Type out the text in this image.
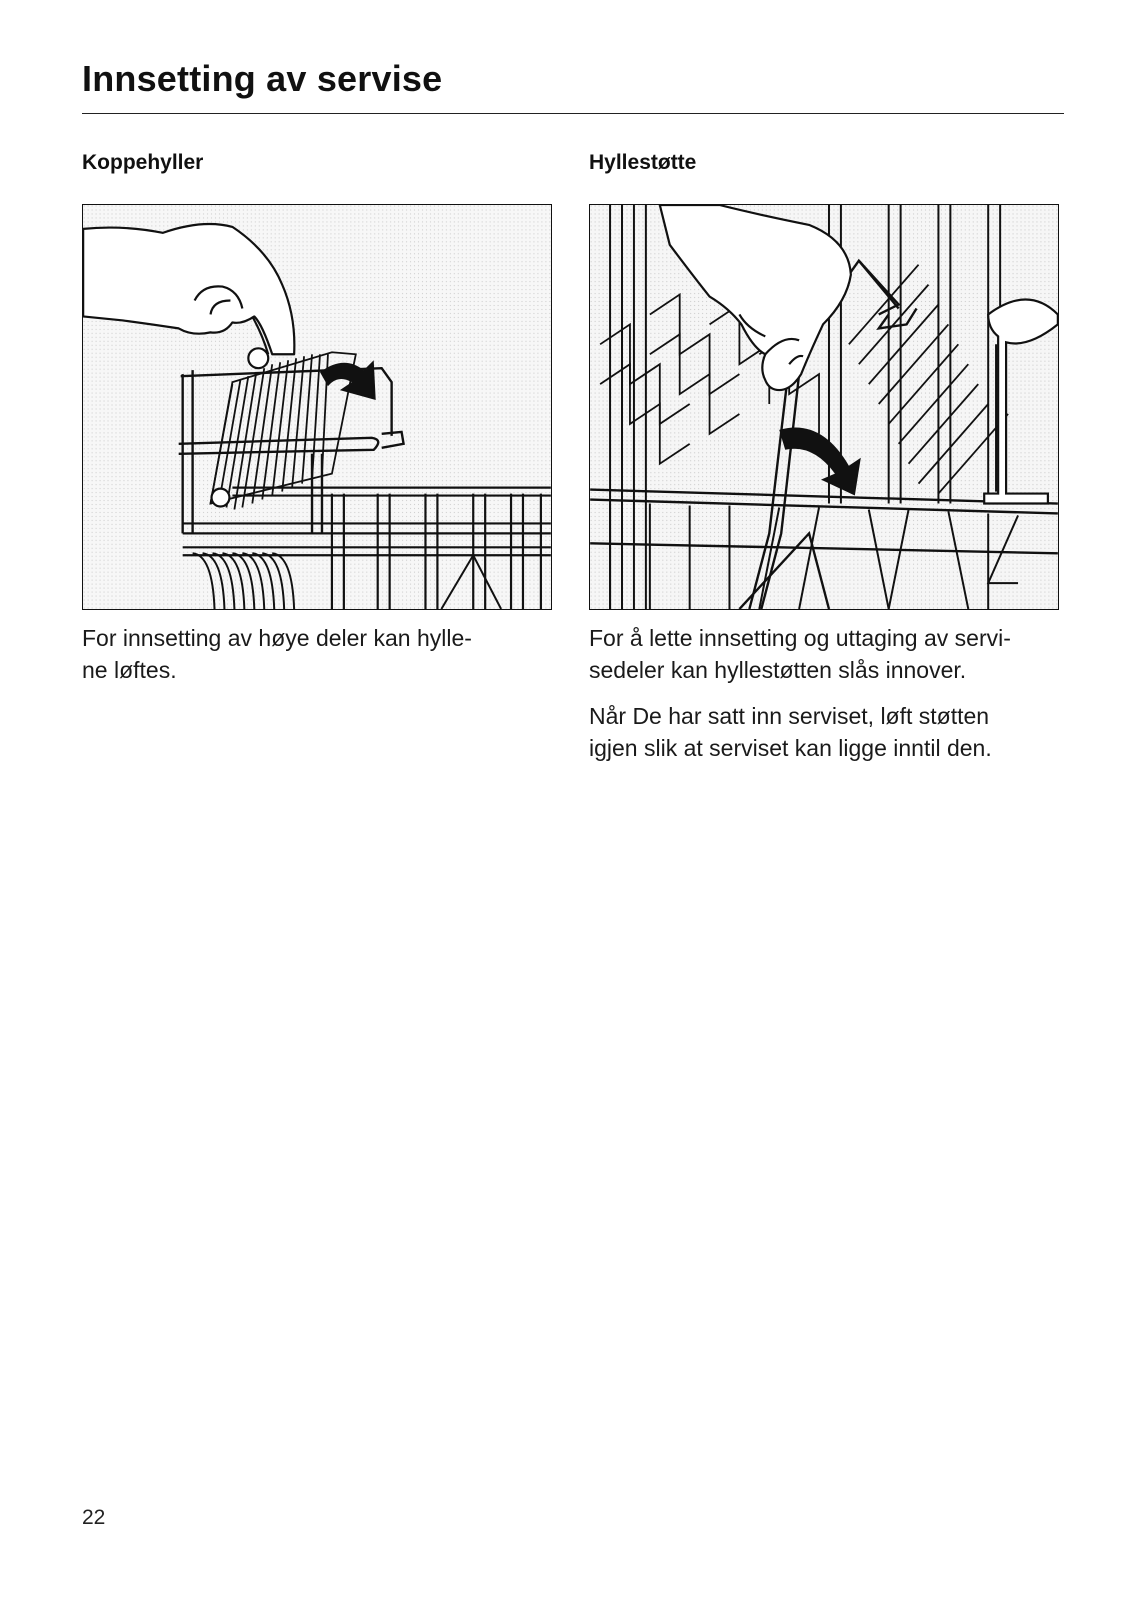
Innsetting av servise
Koppehyller

For innsetting av høye deler kan hylle-
ne løftes.

Hyllestøtte

For å lette innsetting og uttaging av servi-
sedeler kan hyllestøtten slås innover.

Når De har satt inn serviset, løft støtten
igjen slik at serviset kan ligge inntil den.

22
